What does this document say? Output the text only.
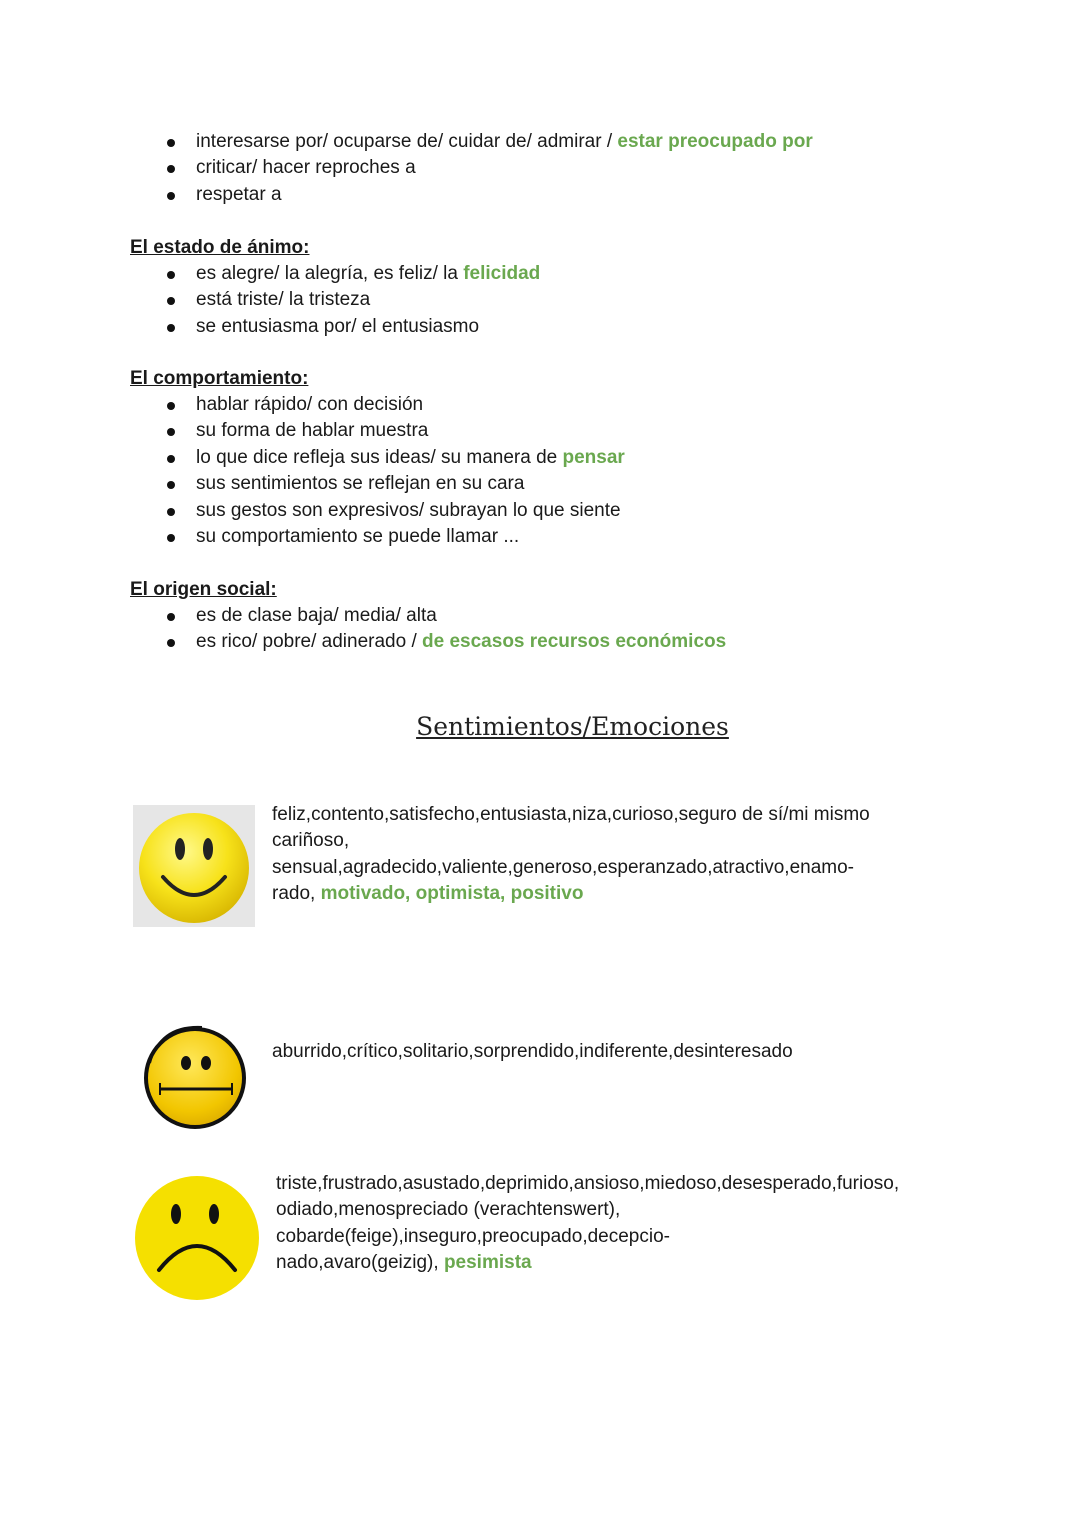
interesarse por/ ocuparse de/ cuidar de/ admirar / estar preocupado por
criticar/ hacer reproches a
respetar a
El estado de ánimo:
es alegre/ la alegría, es feliz/ la felicidad
está triste/ la tristeza
se entusiasma por/ el entusiasmo
El comportamiento:
hablar rápido/ con decisión
su forma de hablar muestra
lo que dice refleja sus ideas/ su manera de pensar
sus sentimientos se reflejan en su cara
sus gestos son expresivos/ subrayan lo que siente
su comportamiento se puede llamar ...
El origen social:
es de clase baja/ media/ alta
es rico/ pobre/ adinerado / de escasos recursos económicos
Sentimientos/Emociones
feliz,contento,satisfecho,entusiasta,niza,curioso,seguro de sí/mi mismo
cariñoso,
sensual,agradecido,valiente,generoso,esperanzado,atractivo,enamo-
rado, motivado, optimista, positivo
aburrido,crítico,solitario,sorprendido,indiferente,desinteresado
triste,frustrado,asustado,deprimido,ansioso,miedoso,desesperado,furioso,
odiado,menospreciado (verachtenswert),
cobarde(feige),inseguro,preocupado,decepcio-
nado,avaro(geizig), pesimista
